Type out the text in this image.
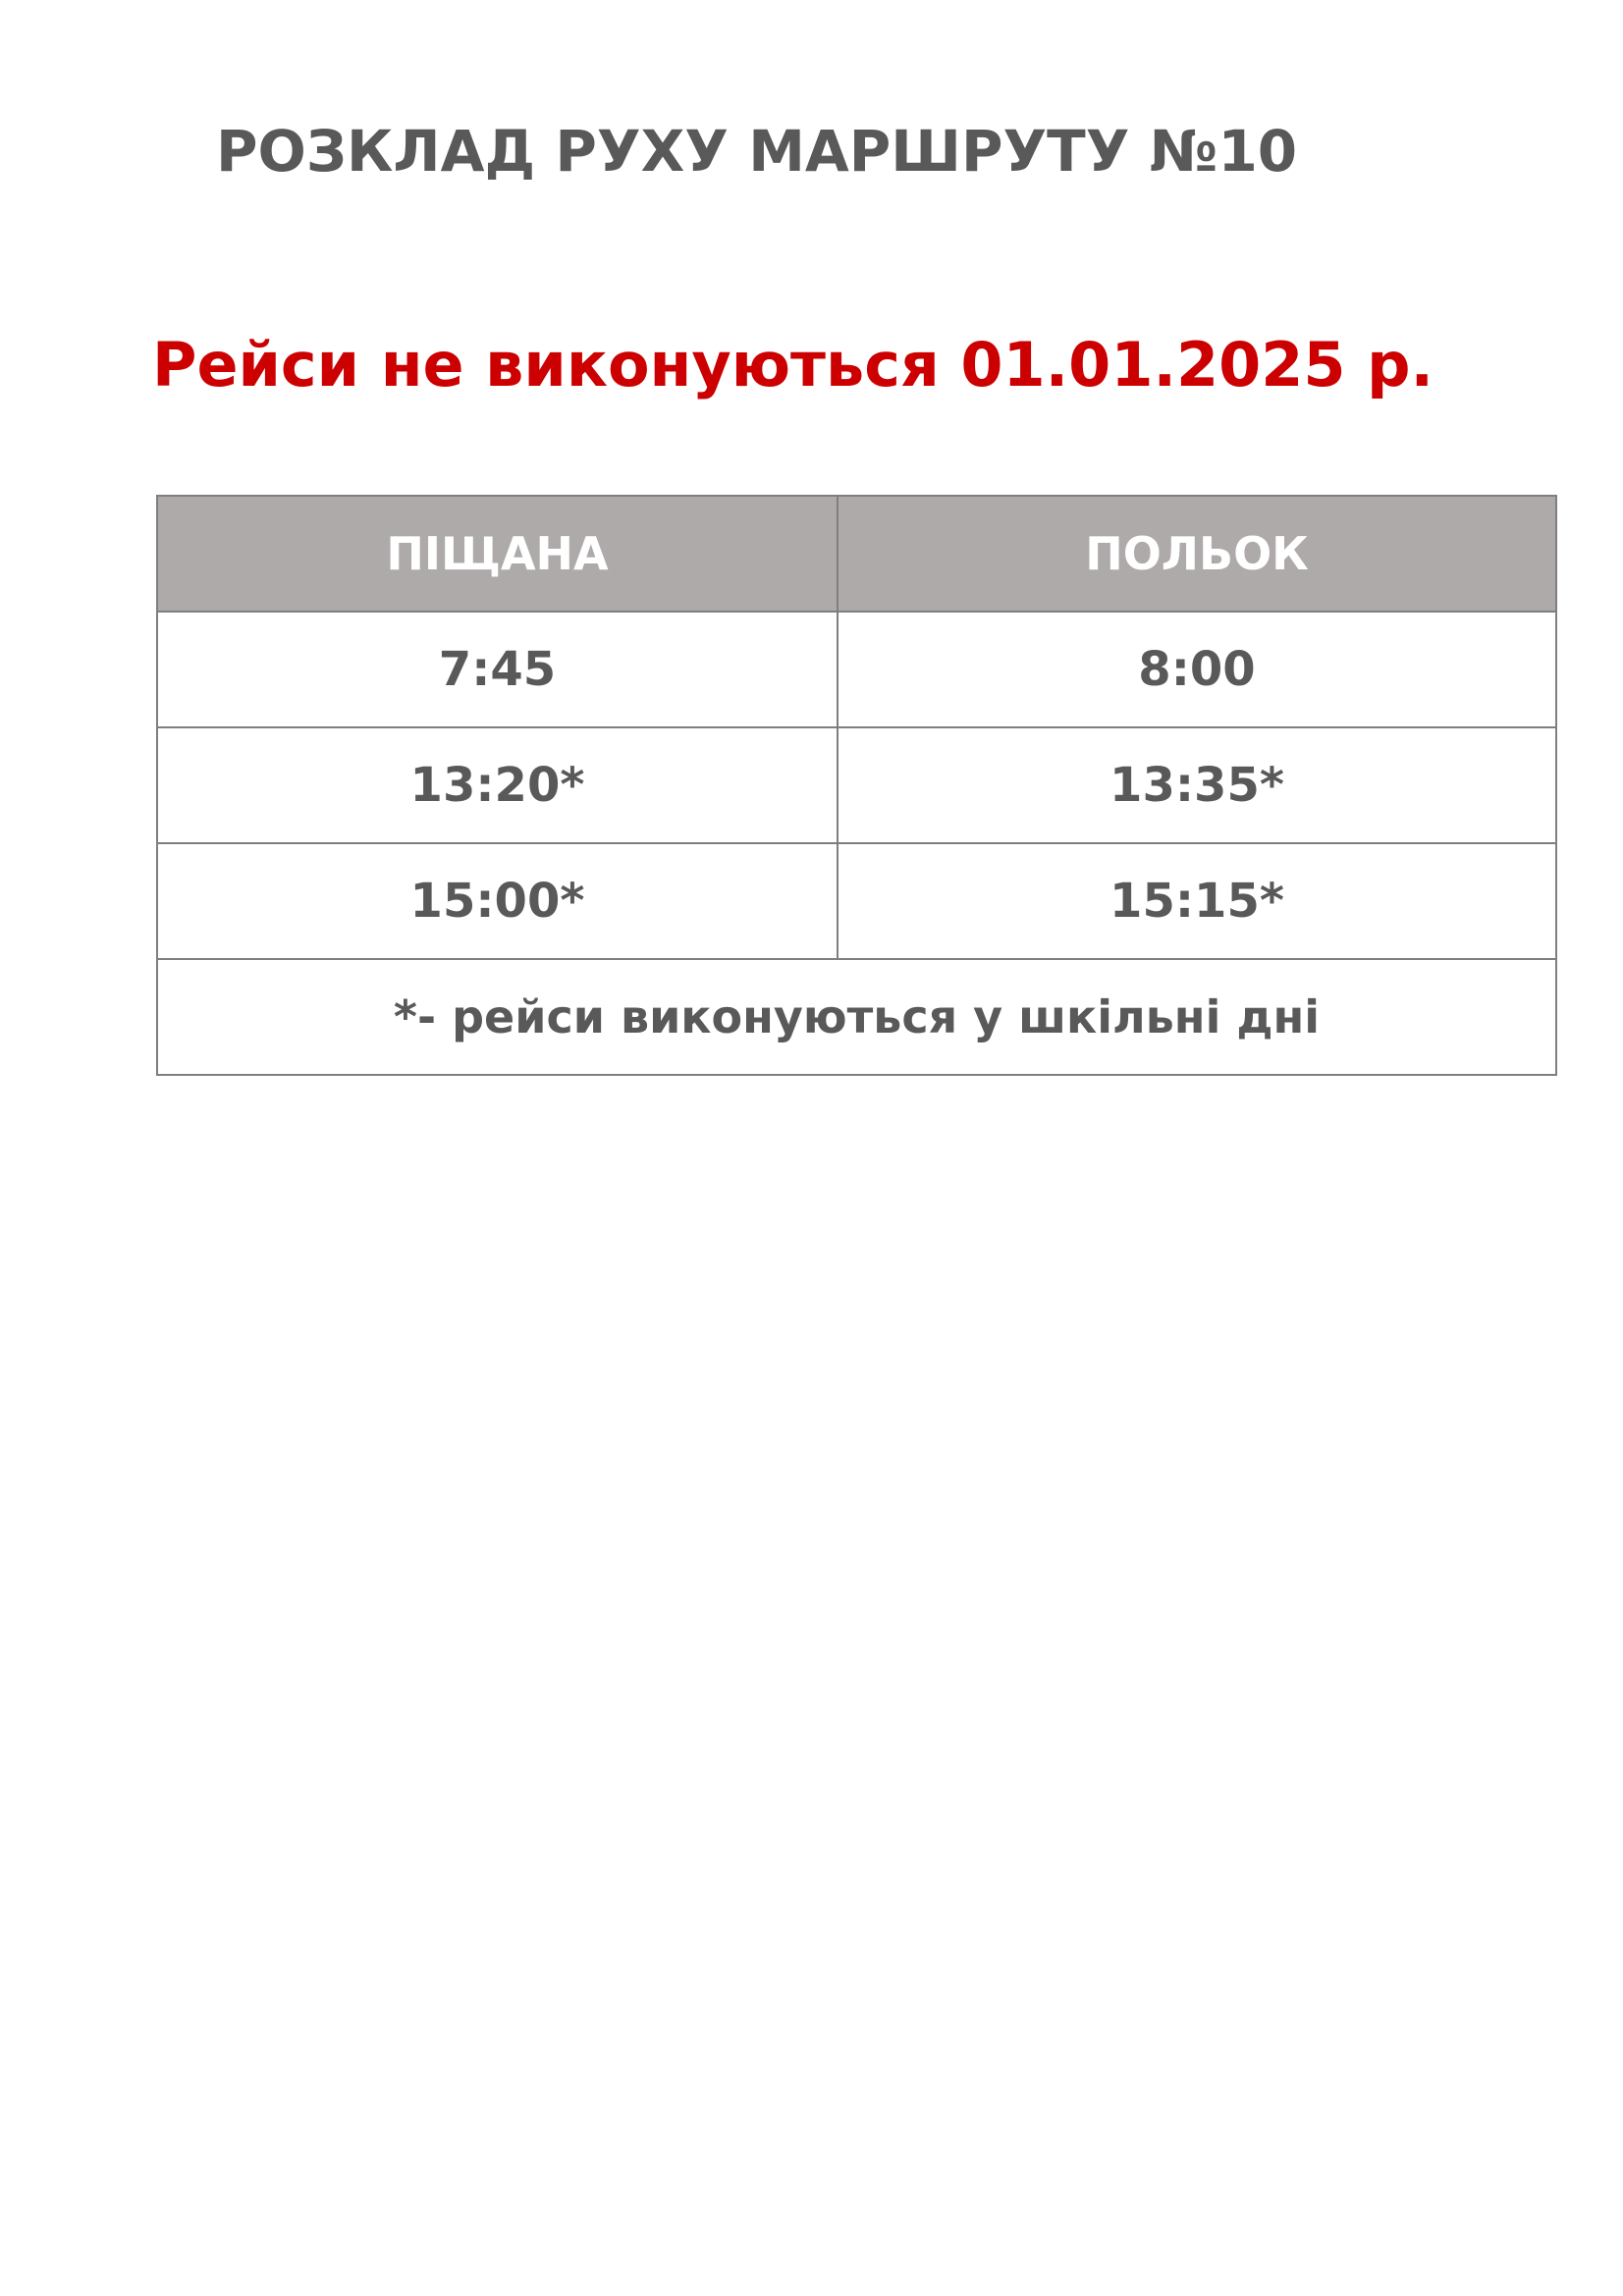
РОЗКЛАД РУХУ МАРШРУТУ №10
Рейси не виконуються 01.01.2025 р.
ПІЩАНА	ПОЛЬОК
7:45	8:00
13:20*	13:35*
15:00*	15:15*
*- рейси виконуються у шкільні дні	
